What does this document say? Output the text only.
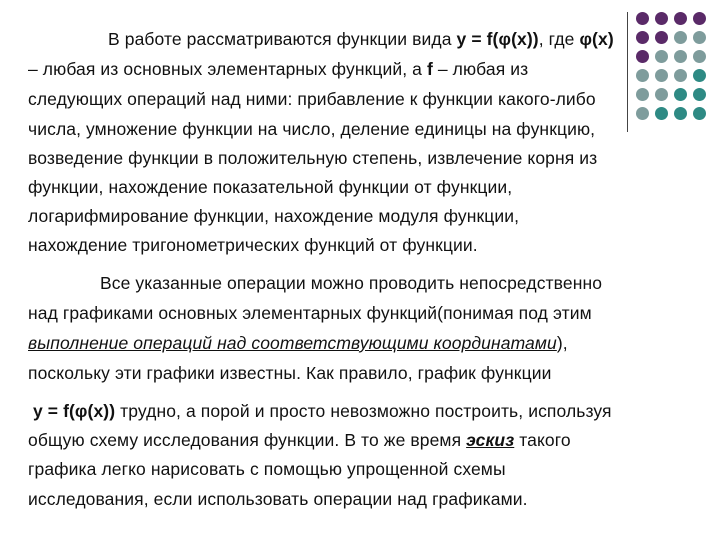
В работе рассматриваются функции вида y = f(φ(x)), где φ(x)
– любая из основных элементарных функций, а f – любая из
следующих операций над ними: прибавление к функции какого-либо
числа, умножение функции на число, деление единицы на функцию,
возведение функции в положительную степень, извлечение корня из
функции, нахождение показательной функции от функции,
логарифмирование функции, нахождение модуля функции,
нахождение тригонометрических функций от функции.
Все указанные операции можно проводить непосредственно
над графиками основных элементарных функций(понимая под этим
выполнение операций над соответствующими координатами),
поскольку эти графики известны. Как правило, график функции
y = f(φ(x)) трудно, а порой и просто невозможно построить, используя
общую схему исследования функции. В то же время эскиз такого
графика легко нарисовать с помощью упрощенной схемы
исследования, если использовать операции над графиками.
